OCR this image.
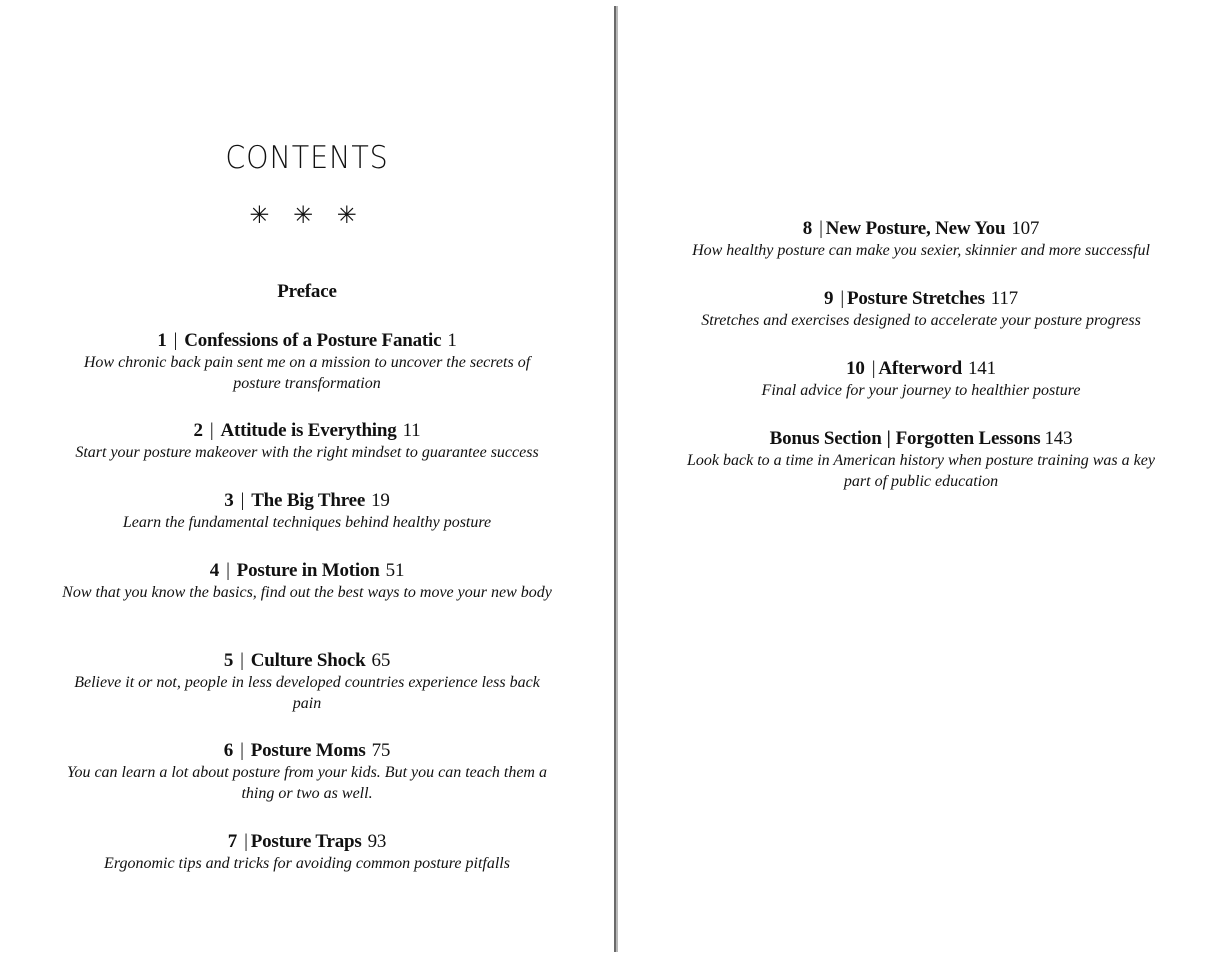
CONTENTS
✳ ✳ ✳
Preface
1 | Confessions of a Posture Fanatic 1
How chronic back pain sent me on a mission to uncover the secrets of posture transformation
2 | Attitude is Everything 11
Start your posture makeover with the right mindset to guarantee success
3 | The Big Three 19
Learn the fundamental techniques behind healthy posture
4 | Posture in Motion 51
Now that you know the basics, find out the best ways to move your new body
5 | Culture Shock 65
Believe it or not, people in less developed countries experience less back pain
6 | Posture Moms 75
You can learn a lot about posture from your kids. But you can teach them a thing or two as well.
7 | Posture Traps 93
Ergonomic tips and tricks for avoiding common posture pitfalls
8 | New Posture, New You 107
How healthy posture can make you sexier, skinnier and more successful
9 | Posture Stretches 117
Stretches and exercises designed to accelerate your posture progress
10 | Afterword 141
Final advice for your journey to healthier posture
Bonus Section | Forgotten Lessons 143
Look back to a time in American history when posture training was a key part of public education
